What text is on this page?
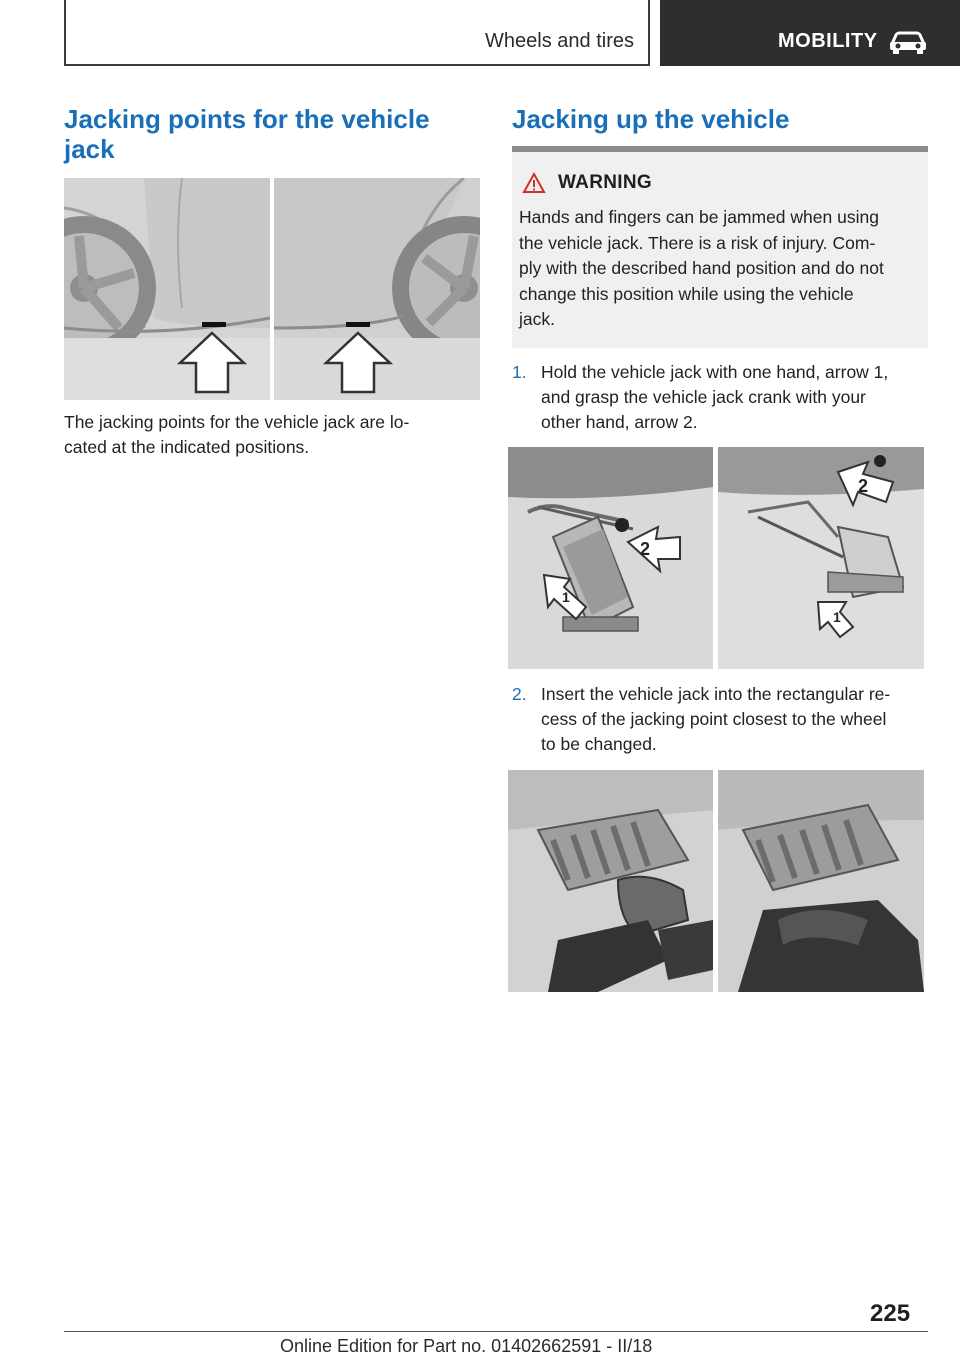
Wheels and tires	MOBILITY
Jacking points for the vehicle
jack
The jacking points for the vehicle jack are lo-
cated at the indicated positions.
Jacking up the vehicle
WARNING
Hands and fingers can be jammed when using
the vehicle jack. There is a risk of injury. Com-
ply with the described hand position and do not
change this position while using the vehicle
jack.
1. Hold the vehicle jack with one hand, arrow 1,
and grasp the vehicle jack crank with your
other hand, arrow 2.
1
2
2
1
2. Insert the vehicle jack into the rectangular re-
cess of the jacking point closest to the wheel
to be changed.
225
Online Edition for Part no. 01402662591 - II/18
